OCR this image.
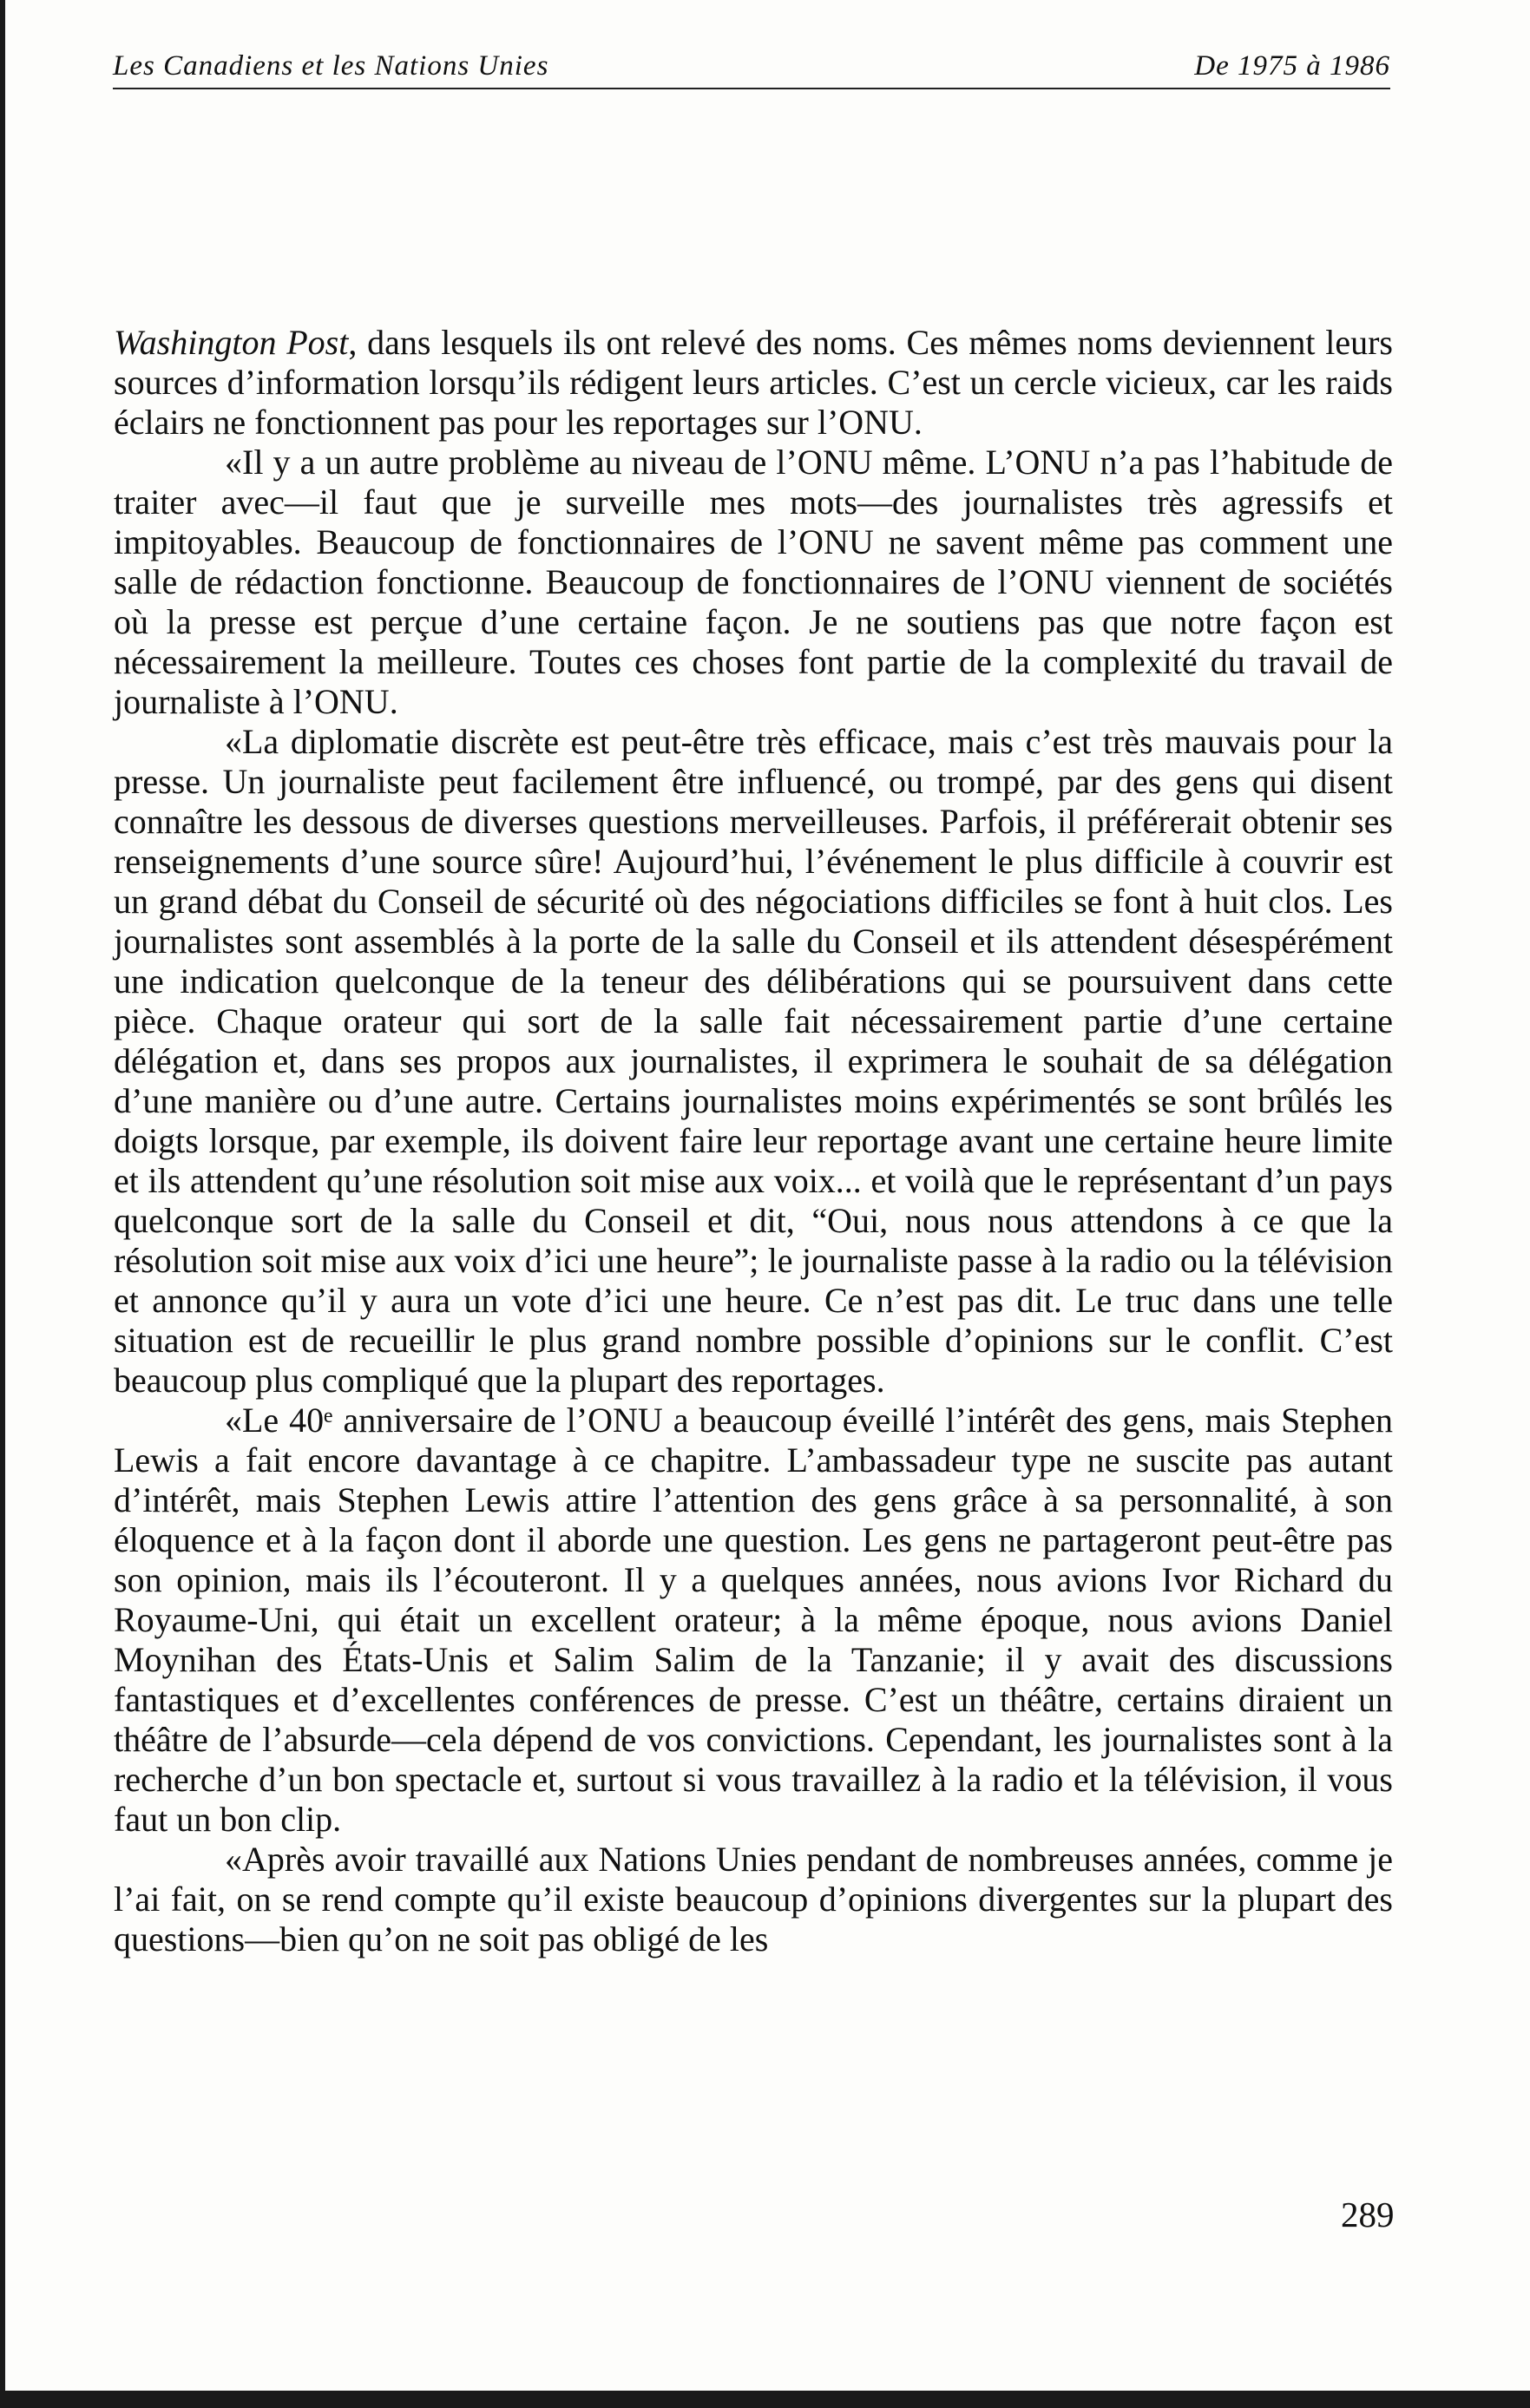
Les Canadiens et les Nations Unies	De 1975 à 1986

Washington Post, dans lesquels ils ont relevé des noms. Ces mêmes noms deviennent leurs sources d’information lorsqu’ils rédigent leurs articles. C’est un cercle vicieux, car les raids éclairs ne fonctionnent pas pour les reportages sur l’ONU.

«Il y a un autre problème au niveau de l’ONU même. L’ONU n’a pas l’habitude de traiter avec—il faut que je surveille mes mots—des journalistes très agressifs et impitoyables. Beaucoup de fonctionnaires de l’ONU ne savent même pas comment une salle de rédaction fonctionne. Beaucoup de fonctionnaires de l’ONU viennent de sociétés où la presse est perçue d’une certaine façon. Je ne soutiens pas que notre façon est nécessairement la meilleure. Toutes ces choses font partie de la complexité du travail de journaliste à l’ONU.

«La diplomatie discrète est peut-être très efficace, mais c’est très mauvais pour la presse. Un journaliste peut facilement être influencé, ou trompé, par des gens qui disent connaître les dessous de diverses questions merveilleuses. Parfois, il préférerait obtenir ses renseignements d’une source sûre! Aujourd’hui, l’événement le plus difficile à couvrir est un grand débat du Conseil de sécurité où des négociations difficiles se font à huit clos. Les journalistes sont assemblés à la porte de la salle du Conseil et ils attendent désespérément une indication quelconque de la teneur des délibérations qui se poursuivent dans cette pièce. Chaque orateur qui sort de la salle fait nécessairement partie d’une certaine délégation et, dans ses propos aux journalistes, il exprimera le souhait de sa délégation d’une manière ou d’une autre. Certains journalistes moins expérimentés se sont brûlés les doigts lorsque, par exemple, ils doivent faire leur reportage avant une certaine heure limite et ils attendent qu’une résolution soit mise aux voix... et voilà que le représentant d’un pays quelconque sort de la salle du Conseil et dit, “Oui, nous nous attendons à ce que la résolution soit mise aux voix d’ici une heure”; le journaliste passe à la radio ou la télévision et annonce qu’il y aura un vote d’ici une heure. Ce n’est pas dit. Le truc dans une telle situation est de recueillir le plus grand nombre possible d’opinions sur le conflit. C’est beaucoup plus compliqué que la plupart des reportages.

«Le 40ᵉ anniversaire de l’ONU a beaucoup éveillé l’intérêt des gens, mais Stephen Lewis a fait encore davantage à ce chapitre. L’ambassadeur type ne suscite pas autant d’intérêt, mais Stephen Lewis attire l’attention des gens grâce à sa personnalité, à son éloquence et à la façon dont il aborde une question. Les gens ne partageront peut-être pas son opinion, mais ils l’écouteront. Il y a quelques années, nous avions Ivor Richard du Royaume-Uni, qui était un excellent orateur; à la même époque, nous avions Daniel Moynihan des États-Unis et Salim Salim de la Tanzanie; il y avait des discussions fantastiques et d’excellentes conférences de presse. C’est un théâtre, certains diraient un théâtre de l’absurde—cela dépend de vos convictions. Cependant, les journalistes sont à la recherche d’un bon spectacle et, surtout si vous travaillez à la radio et la télévision, il vous faut un bon clip.

«Après avoir travaillé aux Nations Unies pendant de nombreuses années, comme je l’ai fait, on se rend compte qu’il existe beaucoup d’opinions divergentes sur la plupart des questions—bien qu’on ne soit pas obligé de les

289
